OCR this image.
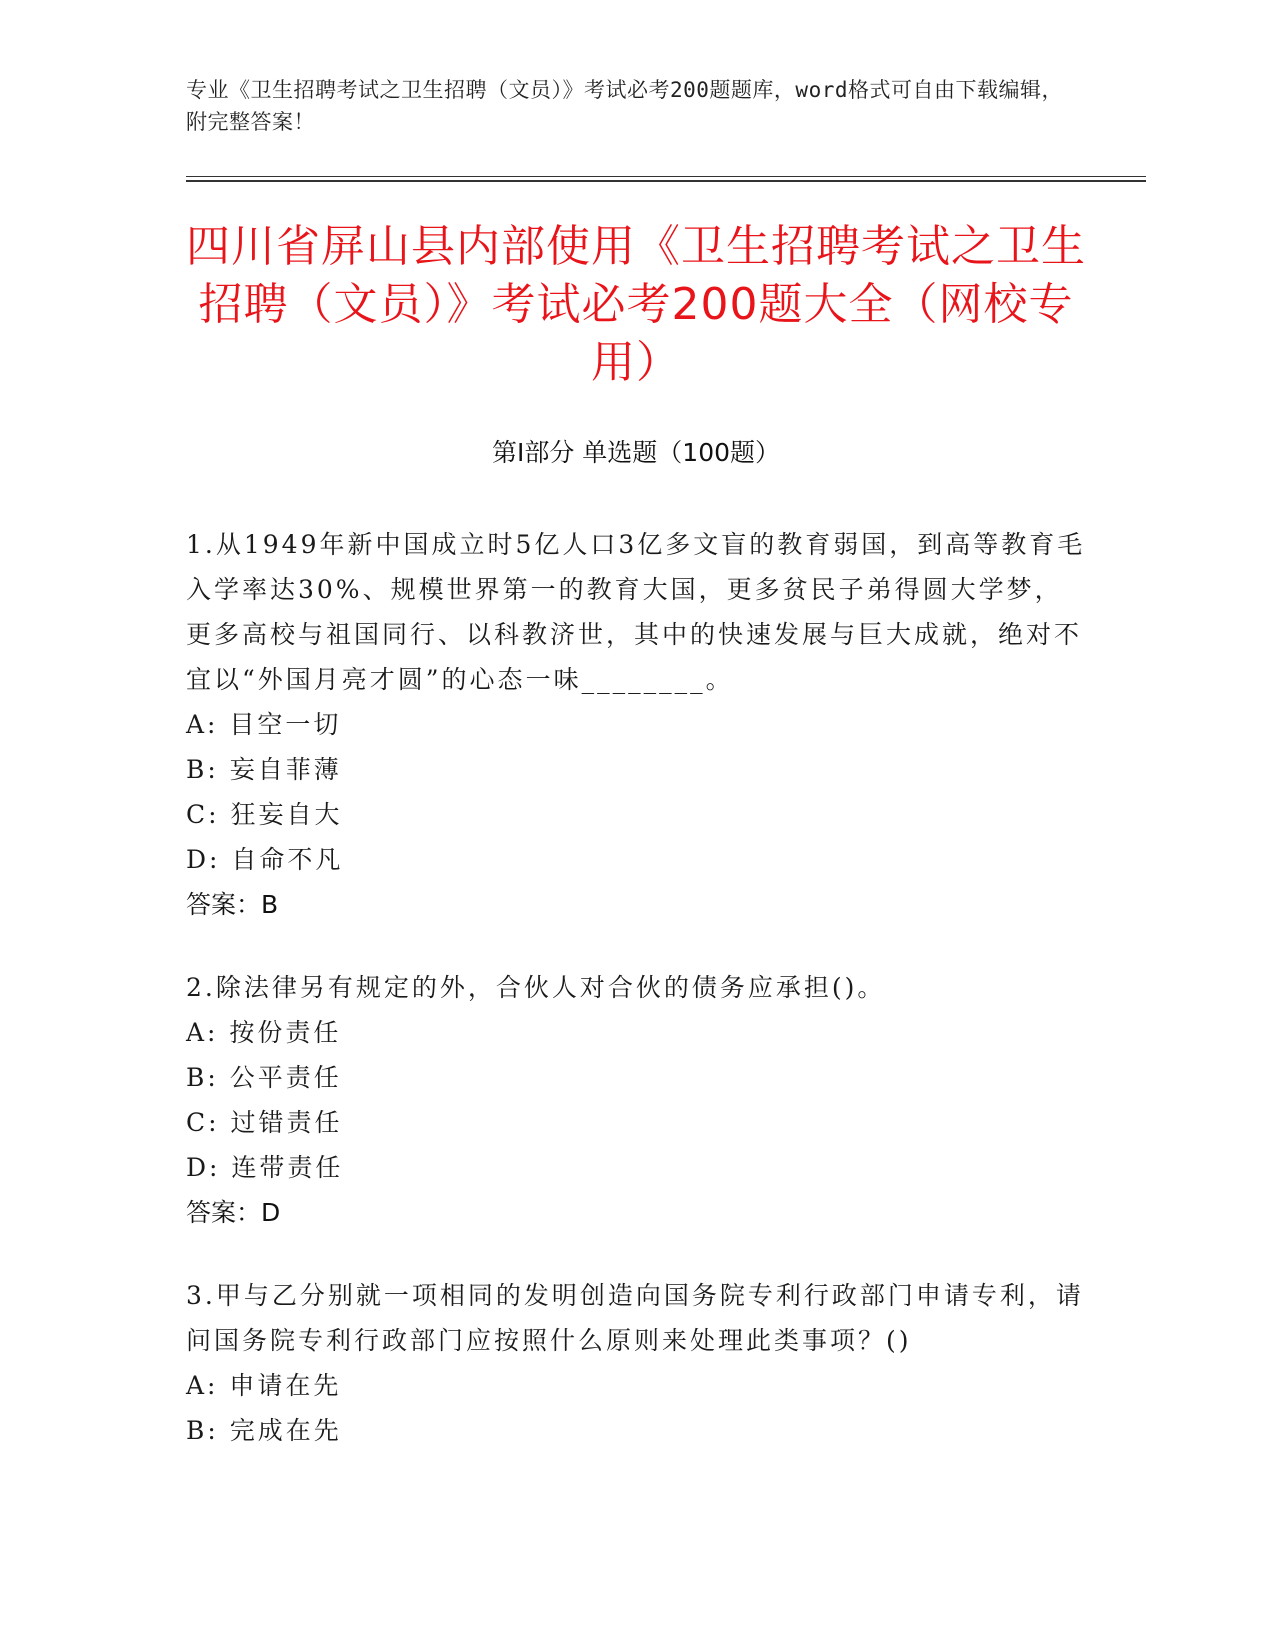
专业《卫生招聘考试之卫生招聘（文员）》考试必考200题题库，word格式可自由下载编辑，附完整答案！
四川省屏山县内部使用《卫生招聘考试之卫生招聘（文员）》考试必考200题大全（网校专用）
第Ⅰ部分 单选题（100题）
1.从1949年新中国成立时5亿人口3亿多文盲的教育弱国，到高等教育毛入学率达30%、规模世界第一的教育大国，更多贫民子弟得圆大学梦，更多高校与祖国同行、以科教济世，其中的快速发展与巨大成就，绝对不宜以“外国月亮才圆”的心态一味________。
A: 目空一切
B: 妄自菲薄
C: 狂妄自大
D: 自命不凡
答案：B
2.除法律另有规定的外，合伙人对合伙的债务应承担()。
A: 按份责任
B: 公平责任
C: 过错责任
D: 连带责任
答案：D
3.甲与乙分别就一项相同的发明创造向国务院专利行政部门申请专利，请问国务院专利行政部门应按照什么原则来处理此类事项？()
A: 申请在先
B: 完成在先
